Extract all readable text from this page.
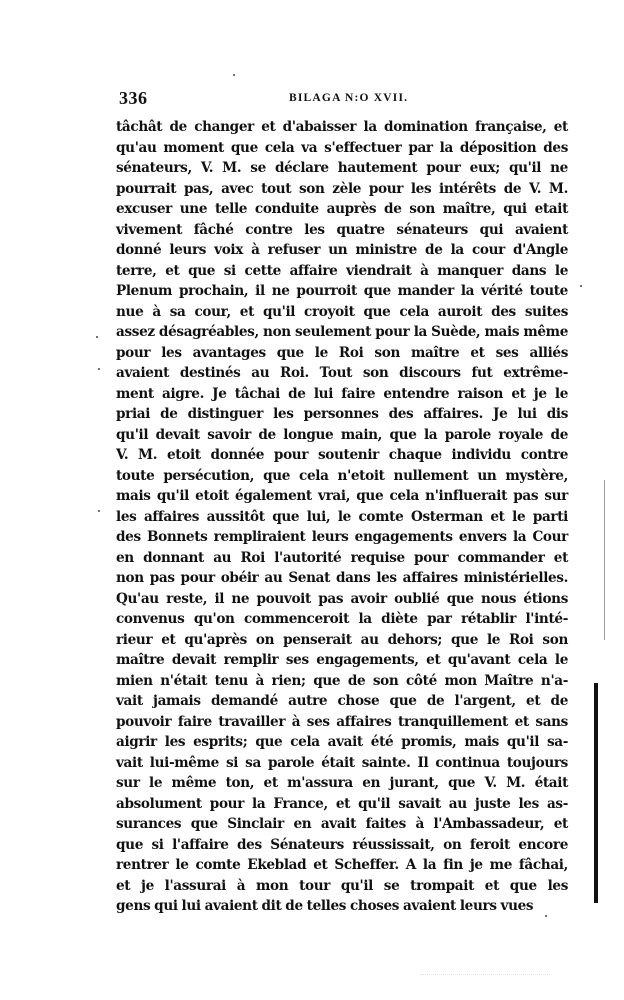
336	BILAGA N:O XVII.
tâchât de changer et d'abaisser la domination française, et
qu'au moment que cela va s'effectuer par la déposition des
sénateurs, V. M. se déclare hautement pour eux; qu'il ne
pourrait pas, avec tout son zèle pour les intérêts de V. M.
excuser une telle conduite auprès de son maître, qui etait
vivement fâché contre les quatre sénateurs qui avaient
donné leurs voix à refuser un ministre de la cour d'Angle
terre, et que si cette affaire viendrait à manquer dans le
Plenum prochain, il ne pourroit que mander la vérité toute
nue à sa cour, et qu'il croyoit que cela auroit des suites
assez désagréables, non seulement pour la Suède, mais même
pour les avantages que le Roi son maître et ses alliés
avaient destinés au Roi. Tout son discours fut extrême-
ment aigre. Je tâchai de lui faire entendre raison et je le
priai de distinguer les personnes des affaires. Je lui dis
qu'il devait savoir de longue main, que la parole royale de
V. M. etoit donnée pour soutenir chaque individu contre
toute persécution, que cela n'etoit nullement un mystère,
mais qu'il etoit également vrai, que cela n'influerait pas sur
les affaires aussitôt que lui, le comte Osterman et le parti
des Bonnets rempliraient leurs engagements envers la Cour
en donnant au Roi l'autorité requise pour commander et
non pas pour obéir au Senat dans les affaires ministérielles.
Qu'au reste, il ne pouvoit pas avoir oublié que nous étions
convenus qu'on commenceroit la diète par rétablir l'inté-
rieur et qu'après on penserait au dehors; que le Roi son
maître devait remplir ses engagements, et qu'avant cela le
mien n'était tenu à rien; que de son côté mon Maître n'a-
vait jamais demandé autre chose que de l'argent, et de
pouvoir faire travailler à ses affaires tranquillement et sans
aigrir les esprits; que cela avait été promis, mais qu'il sa-
vait lui-même si sa parole était sainte. Il continua toujours
sur le même ton, et m'assura en jurant, que V. M. était
absolument pour la France, et qu'il savait au juste les as-
surances que Sinclair en avait faites à l'Ambassadeur, et
que si l'affaire des Sénateurs réussissait, on feroit encore
rentrer le comte Ekeblad et Scheffer. A la fin je me fâchai,
et je l'assurai à mon tour qu'il se trompait et que les
gens qui lui avaient dit de telles choses avaient leurs vues
